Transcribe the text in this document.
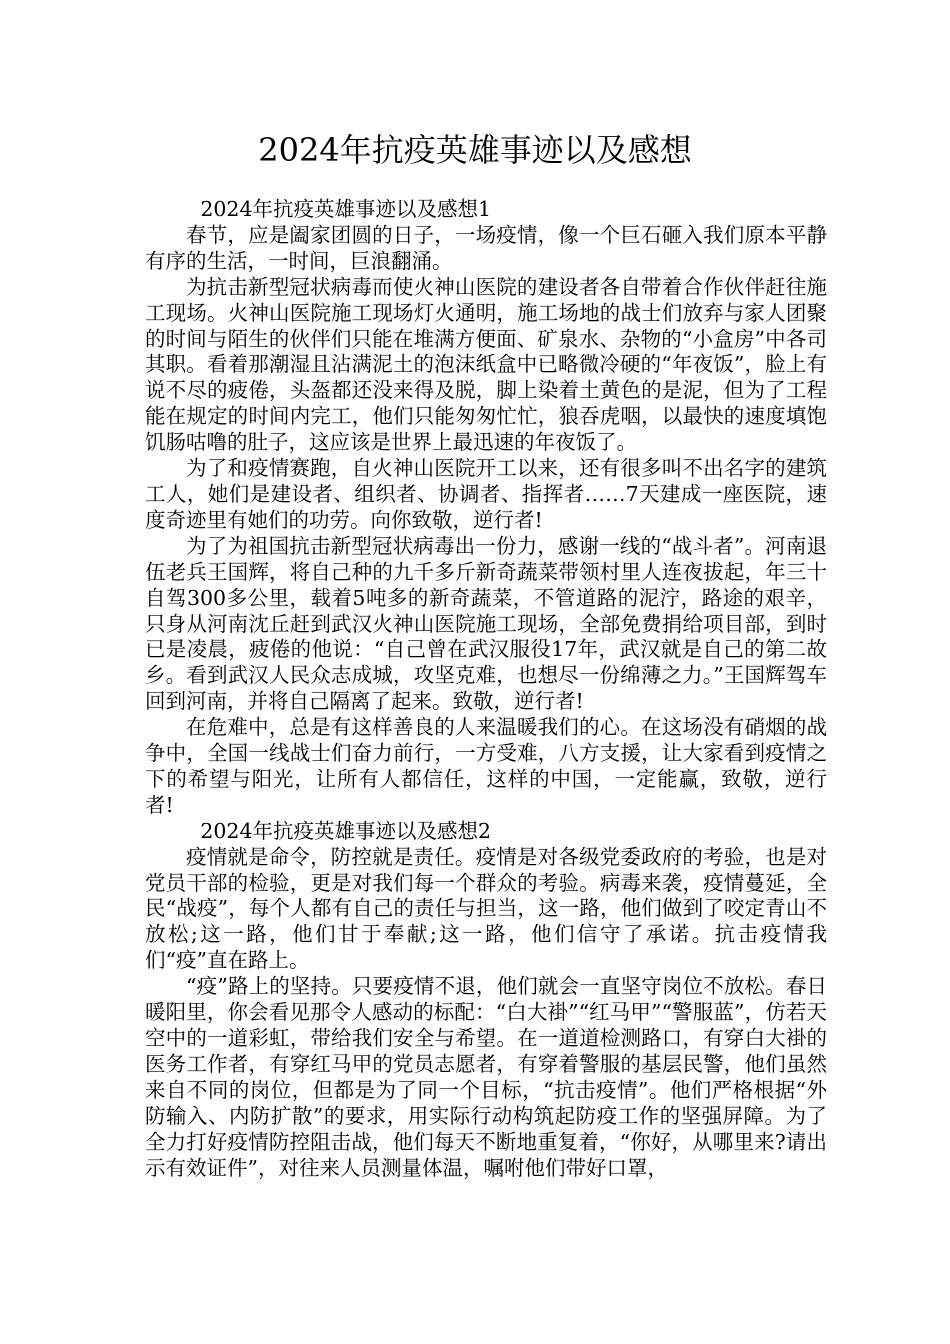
2024年抗疫英雄事迹以及感想

2024年抗疫英雄事迹以及感想1

春节，应是阖家团圆的日子，一场疫情，像一个巨石砸入我们原本平静有序的生活，一时间，巨浪翻涌。

为抗击新型冠状病毒而使火神山医院的建设者各自带着合作伙伴赶往施工现场。火神山医院施工现场灯火通明，施工场地的战士们放弃与家人团聚的时间与陌生的伙伴们只能在堆满方便面、矿泉水、杂物的“小盒房”中各司其职。看着那潮湿且沾满泥土的泡沫纸盒中已略微冷硬的“年夜饭”，脸上有说不尽的疲倦，头盔都还没来得及脱，脚上染着土黄色的是泥，但为了工程能在规定的时间内完工，他们只能匆匆忙忙，狼吞虎咽，以最快的速度填饱饥肠咕噜的肚子，这应该是世界上最迅速的年夜饭了。

为了和疫情赛跑，自火神山医院开工以来，还有很多叫不出名字的建筑工人，她们是建设者、组织者、协调者、指挥者……7天建成一座医院，速度奇迹里有她们的功劳。向你致敬，逆行者!

为了为祖国抗击新型冠状病毒出一份力，感谢一线的“战斗者”。河南退伍老兵王国辉，将自己种的九千多斤新奇蔬菜带领村里人连夜拔起，年三十自驾300多公里，载着5吨多的新奇蔬菜，不管道路的泥泞，路途的艰辛，只身从河南沈丘赶到武汉火神山医院施工现场，全部免费捐给项目部，到时已是凌晨，疲倦的他说：“自己曾在武汉服役17年，武汉就是自己的第二故乡。看到武汉人民众志成城，攻坚克难，也想尽一份绵薄之力。”王国辉驾车回到河南，并将自己隔离了起来。致敬，逆行者!

在危难中，总是有这样善良的人来温暖我们的心。在这场没有硝烟的战争中，全国一线战士们奋力前行，一方受难，八方支援，让大家看到疫情之下的希望与阳光，让所有人都信任，这样的中国，一定能赢，致敬，逆行者!

2024年抗疫英雄事迹以及感想2

疫情就是命令，防控就是责任。疫情是对各级党委政府的考验，也是对党员干部的检验，更是对我们每一个群众的考验。病毒来袭，疫情蔓延，全民“战疫”，每个人都有自己的责任与担当，这一路，他们做到了咬定青山不放松;这一路，他们甘于奉献;这一路，他们信守了承诺。抗击疫情我们“疫”直在路上。

“疫”路上的坚持。只要疫情不退，他们就会一直坚守岗位不放松。春日暖阳里，你会看见那令人感动的标配：“白大褂”“红马甲”“警服蓝”，仿若天空中的一道彩虹，带给我们安全与希望。在一道道检测路口，有穿白大褂的医务工作者，有穿红马甲的党员志愿者，有穿着警服的基层民警，他们虽然来自不同的岗位，但都是为了同一个目标，“抗击疫情”。他们严格根据“外防输入、内防扩散”的要求，用实际行动构筑起防疫工作的坚强屏障。为了全力打好疫情防控阻击战，他们每天不断地重复着，“你好，从哪里来?请出示有效证件”，对往来人员测量体温，嘱咐他们带好口罩，
